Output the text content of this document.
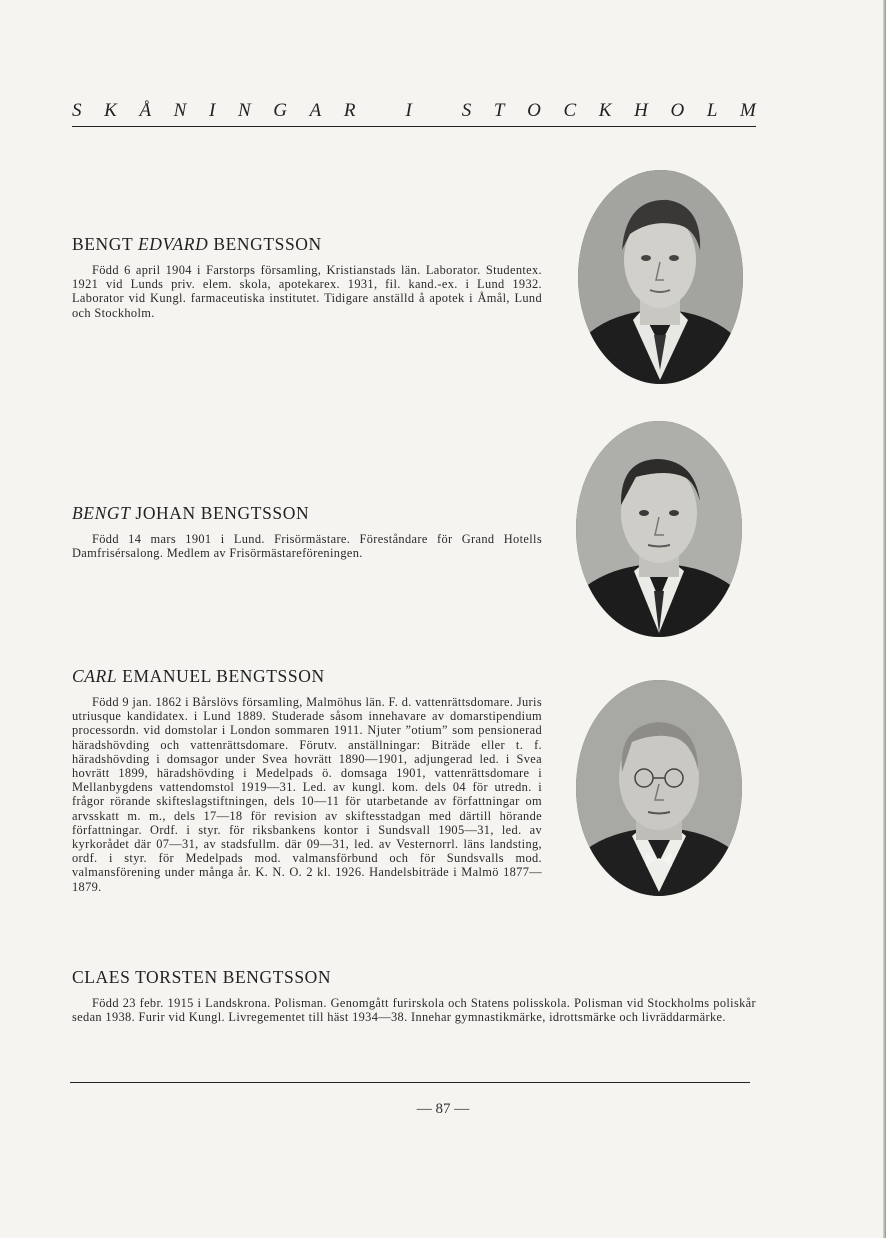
S K Å N I N G A R
	I
	S T O C K H O L M
BENGT EDVARD BENGTSSON

Född 6 april 1904 i Farstorps församling, Kristianstads län. Laborator. Studentex. 1921 vid Lunds priv. elem. skola, apotekarex. 1931, fil. kand.-ex. i Lund 1932. Laborator vid Kungl. farmaceutiska institutet. Tidigare anställd å apotek i Åmål, Lund och Stockholm.

BENGT JOHAN BENGTSSON

Född 14 mars 1901 i Lund. Frisörmästare. Föreståndare för Grand Hotells Damfrisérsalong. Medlem av Frisörmästareföreningen.

CARL EMANUEL BENGTSSON

Född 9 jan. 1862 i Bårslövs församling, Malmöhus län. F. d. vattenrättsdomare. Juris utriusque kandidatex. i Lund 1889. Studerade såsom innehavare av domarstipendium processordn. vid domstolar i London sommaren 1911. Njuter ”otium” som pensionerad häradshövding och vattenrättsdomare. Förutv. anställningar: Biträde eller t. f. häradshövding i domsagor under Svea hovrätt 1890—1901, adjungerad led. i Svea hovrätt 1899, häradshövding i Medelpads ö. domsaga 1901, vattenrättsdomare i Mellanbygdens vattendomstol 1919—31. Led. av kungl. kom. dels 04 för utredn. i frågor rörande skifteslagstiftningen, dels 10—11 för utarbetande av författningar om arvsskatt m. m., dels 17—18 för revision av skiftesstadgan med därtill hörande författningar. Ordf. i styr. för riksbankens kontor i Sundsvall 1905—31, led. av kyrkorådet där 07—31, av stadsfullm. där 09—31, led. av Vesternorrl. läns landsting, ordf. i styr. för Medelpads mod. valmansförbund och för Sundsvalls mod. valmansförening under många år. K. N. O. 2 kl. 1926. Handelsbiträde i Malmö 1877—1879.

CLAES TORSTEN BENGTSSON

Född 23 febr. 1915 i Landskrona. Polisman. Genomgått furirskola och Statens polisskola. Polisman vid Stockholms poliskår sedan 1938. Furir vid Kungl. Livregementet till häst 1934—38. Innehar gymnastikmärke, idrottsmärke och livräddarmärke.

— 87 —
